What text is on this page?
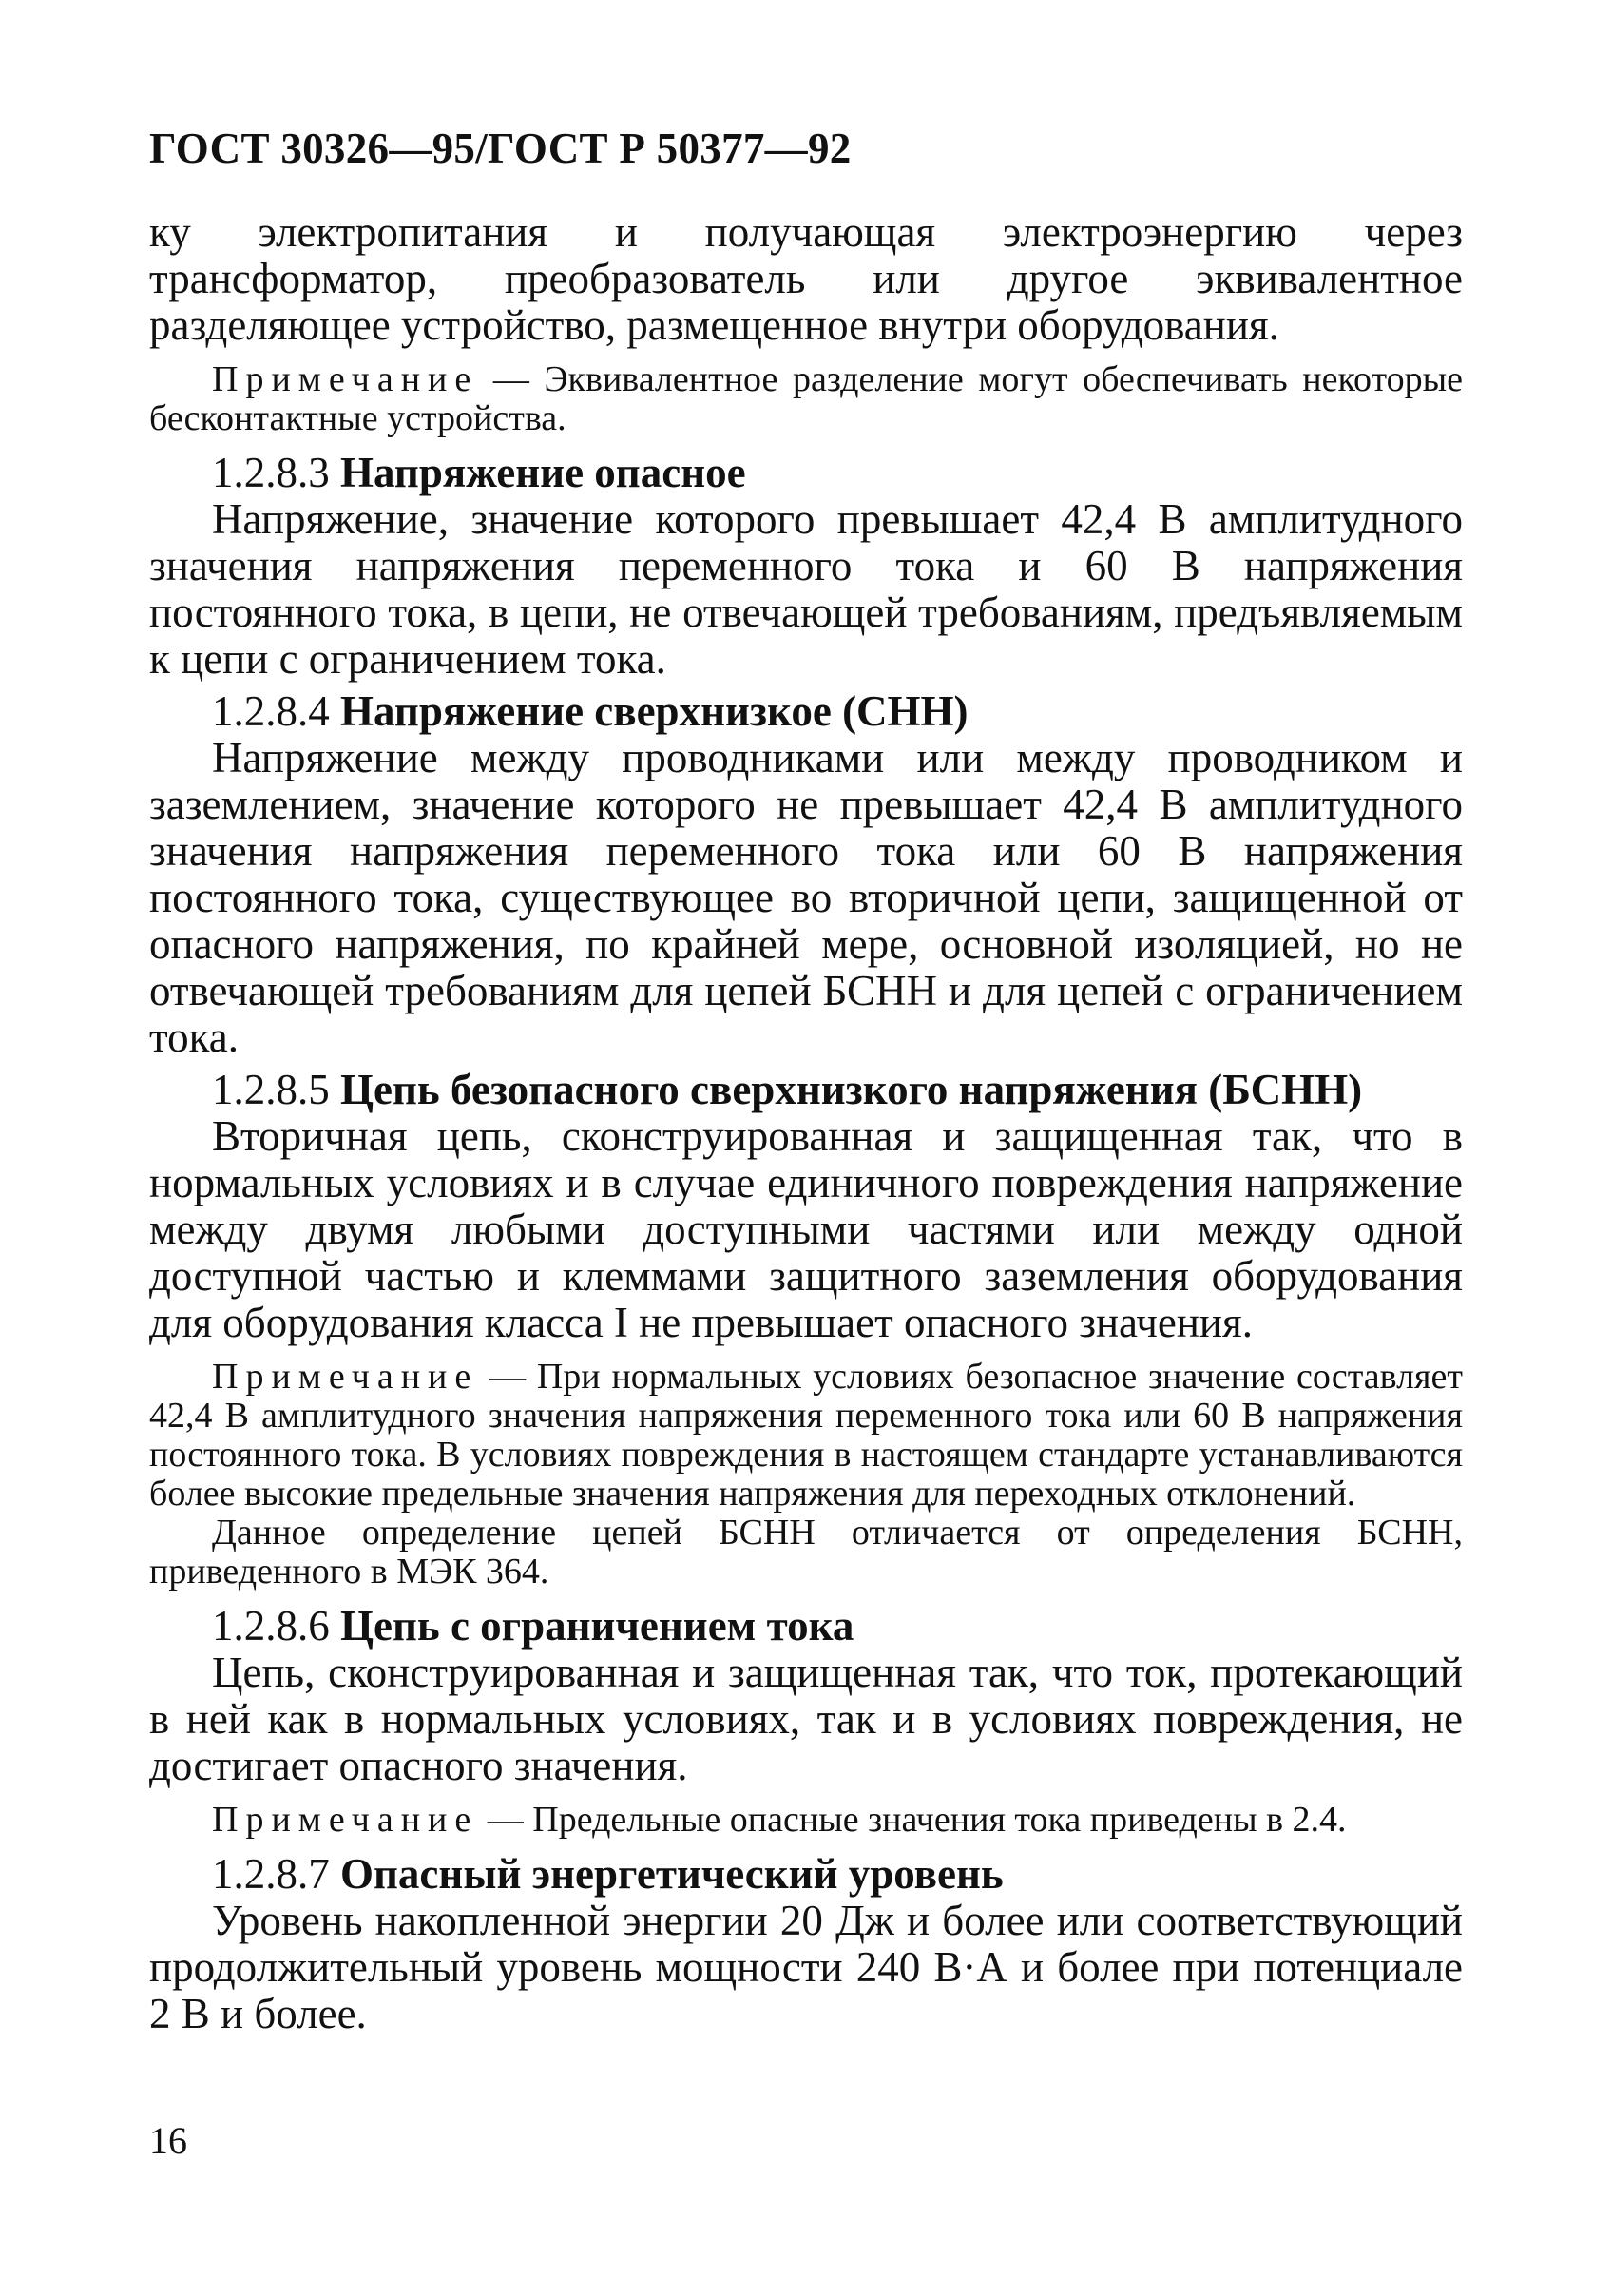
ГОСТ 30326—95/ГОСТ Р 50377—92

ку электропитания и получающая электроэнергию через трансформатор, преобразователь или другое эквивалентное разделяющее устройство, размещенное внутри оборудования.

Примечание — Эквивалентное разделение могут обеспечивать некоторые бесконтактные устройства.

1.2.8.3 Напряжение опасное

Напряжение, значение которого превышает 42,4 В амплитудного значения напряжения переменного тока и 60 В напряжения постоянного тока, в цепи, не отвечающей требованиям, предъявляемым к цепи с ограничением тока.

1.2.8.4 Напряжение сверхнизкое (СНН)

Напряжение между проводниками или между проводником и заземлением, значение которого не превышает 42,4 В амплитудного значения напряжения переменного тока или 60 В напряжения постоянного тока, существующее во вторичной цепи, защищенной от опасного напряжения, по крайней мере, основной изоляцией, но не отвечающей требованиям для цепей БСНН и для цепей с ограничением тока.

1.2.8.5 Цепь безопасного сверхнизкого напряжения (БСНН)

Вторичная цепь, сконструированная и защищенная так, что в нормальных условиях и в случае единичного повреждения напряжение между двумя любыми доступными частями или между одной доступной частью и клеммами защитного заземления оборудования для оборудования класса I не превышает опасного значения.

Примечание — При нормальных условиях безопасное значение составляет 42,4 В амплитудного значения напряжения переменного тока или 60 В напряжения постоянного тока. В условиях повреждения в настоящем стандарте устанавливаются более высокие предельные значения напряжения для переходных отклонений.

Данное определение цепей БСНН отличается от определения БСНН, приведенного в МЭК 364.

1.2.8.6 Цепь с ограничением тока

Цепь, сконструированная и защищенная так, что ток, протекающий в ней как в нормальных условиях, так и в условиях повреждения, не достигает опасного значения.

Примечание — Предельные опасные значения тока приведены в 2.4.

1.2.8.7 Опасный энергетический уровень

Уровень накопленной энергии 20 Дж и более или соответствующий продолжительный уровень мощности 240 В·А и более при потенциале 2 В и более.

16
